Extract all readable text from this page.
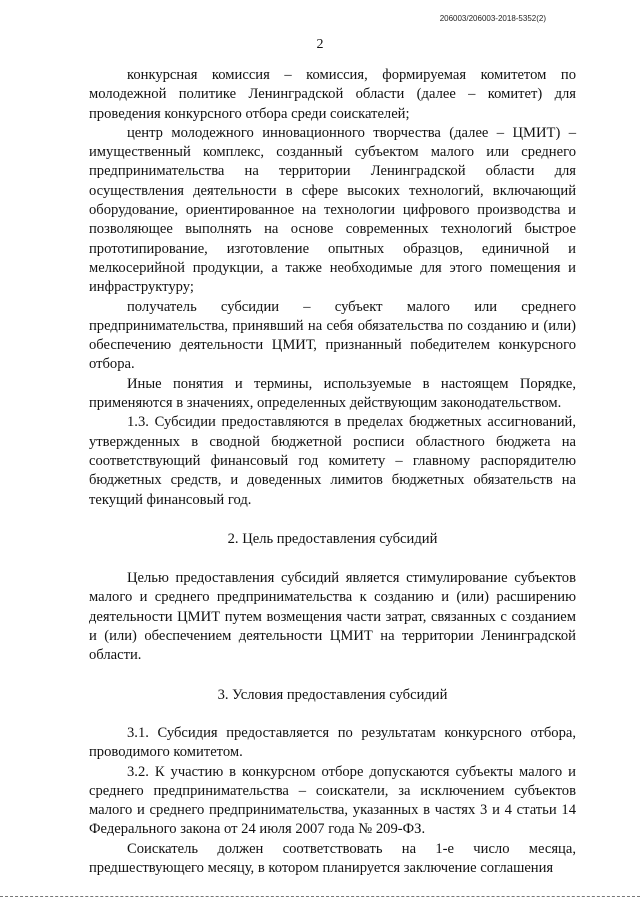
206003/206003-2018-5352(2)
2

конкурсная комиссия – комиссия, формируемая комитетом по молодежной политике Ленинградской области (далее – комитет) для проведения конкурсного отбора среди соискателей;

центр молодежного инновационного творчества (далее – ЦМИТ) – имущественный комплекс, созданный субъектом малого или среднего предпринимательства на территории Ленинградской области для осуществления деятельности в сфере высоких технологий, включающий оборудование, ориентированное на технологии цифрового производства и позволяющее выполнять на основе современных технологий быстрое прототипирование, изготовление опытных образцов, единичной и мелкосерийной продукции, а также необходимые для этого помещения и инфраструктуру;

получатель субсидии – субъект малого или среднего предпринимательства, принявший на себя обязательства по созданию и (или) обеспечению деятельности ЦМИТ, признанный победителем конкурсного отбора.

Иные понятия и термины, используемые в настоящем Порядке, применяются в значениях, определенных действующим законодательством.

1.3. Субсидии предоставляются в пределах бюджетных ассигнований, утвержденных в сводной бюджетной росписи областного бюджета на соответствующий финансовый год комитету – главному распорядителю бюджетных средств, и доведенных лимитов бюджетных обязательств на текущий финансовый год.

2. Цель предоставления субсидий

Целью предоставления субсидий является стимулирование субъектов малого и среднего предпринимательства к созданию и (или) расширению деятельности ЦМИТ путем возмещения части затрат, связанных с созданием и (или) обеспечением деятельности ЦМИТ на территории Ленинградской области.

3. Условия предоставления субсидий

3.1. Субсидия предоставляется по результатам конкурсного отбора, проводимого комитетом.

3.2. К участию в конкурсном отборе допускаются субъекты малого и среднего предпринимательства – соискатели, за исключением субъектов малого и среднего предпринимательства, указанных в частях 3 и 4 статьи 14 Федерального закона от 24 июля 2007 года № 209-ФЗ.

Соискатель должен соответствовать на 1-е число месяца, предшествующего месяцу, в котором планируется заключение соглашения
